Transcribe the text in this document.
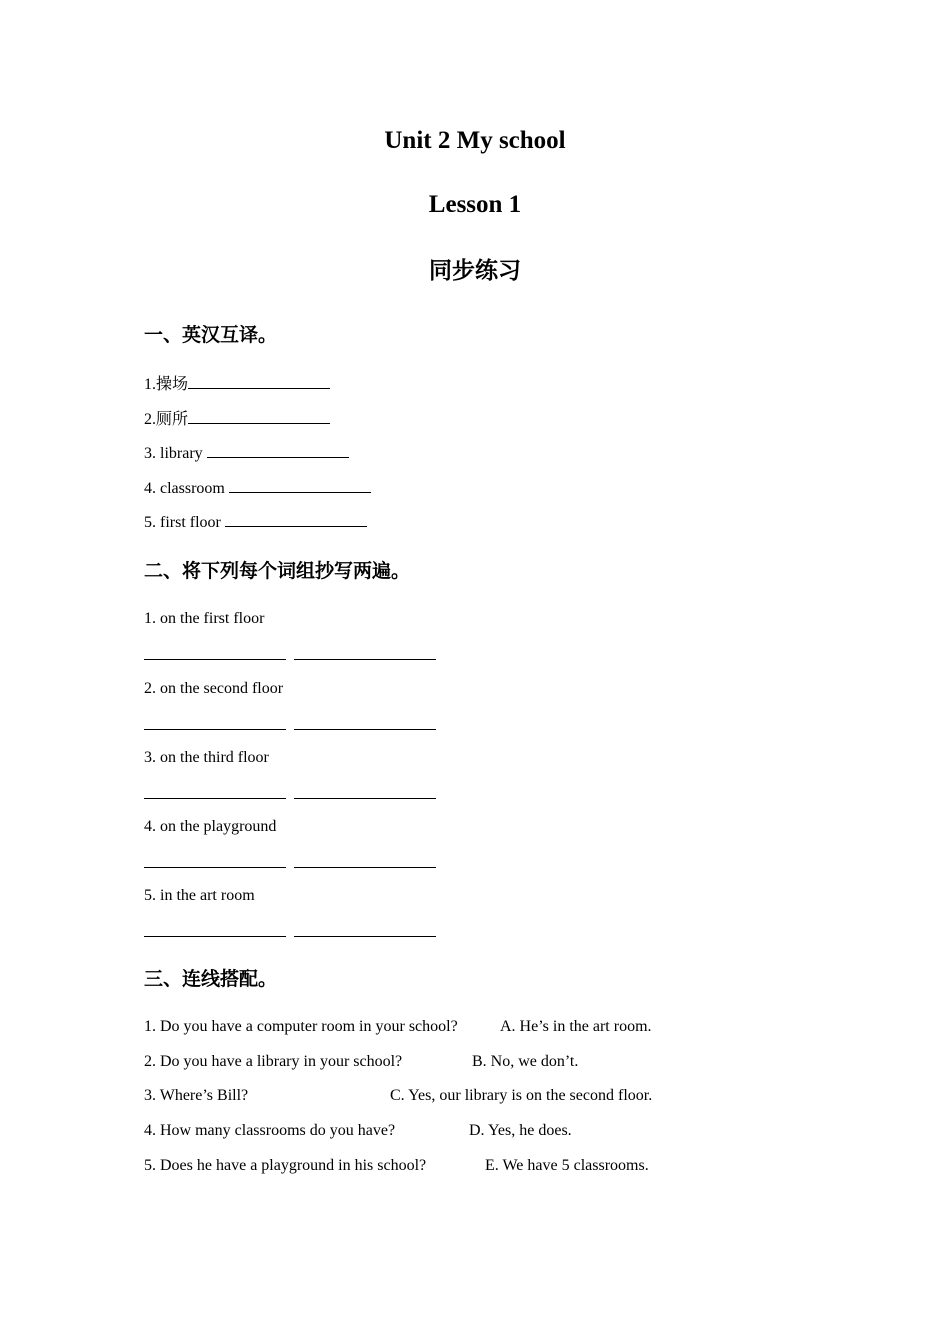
Unit 2 My school
Lesson 1
同步练习
一、英汉互译。
1.操场
2.厕所
3. library
4. classroom
5. first floor
二、将下列每个词组抄写两遍。
1. on the first floor
2. on the second floor
3. on the third floor
4. on the playground
5. in the art room
三、连线搭配。
1. Do you have a computer room in your school?	A. He’s in the art room.
2. Do you have a library in your school?	B. No, we don’t.
3. Where’s Bill?	C. Yes, our library is on the second floor.
4. How many classrooms do you have?	D. Yes, he does.
5. Does he have a playground in his school?	E. We have 5 classrooms.
